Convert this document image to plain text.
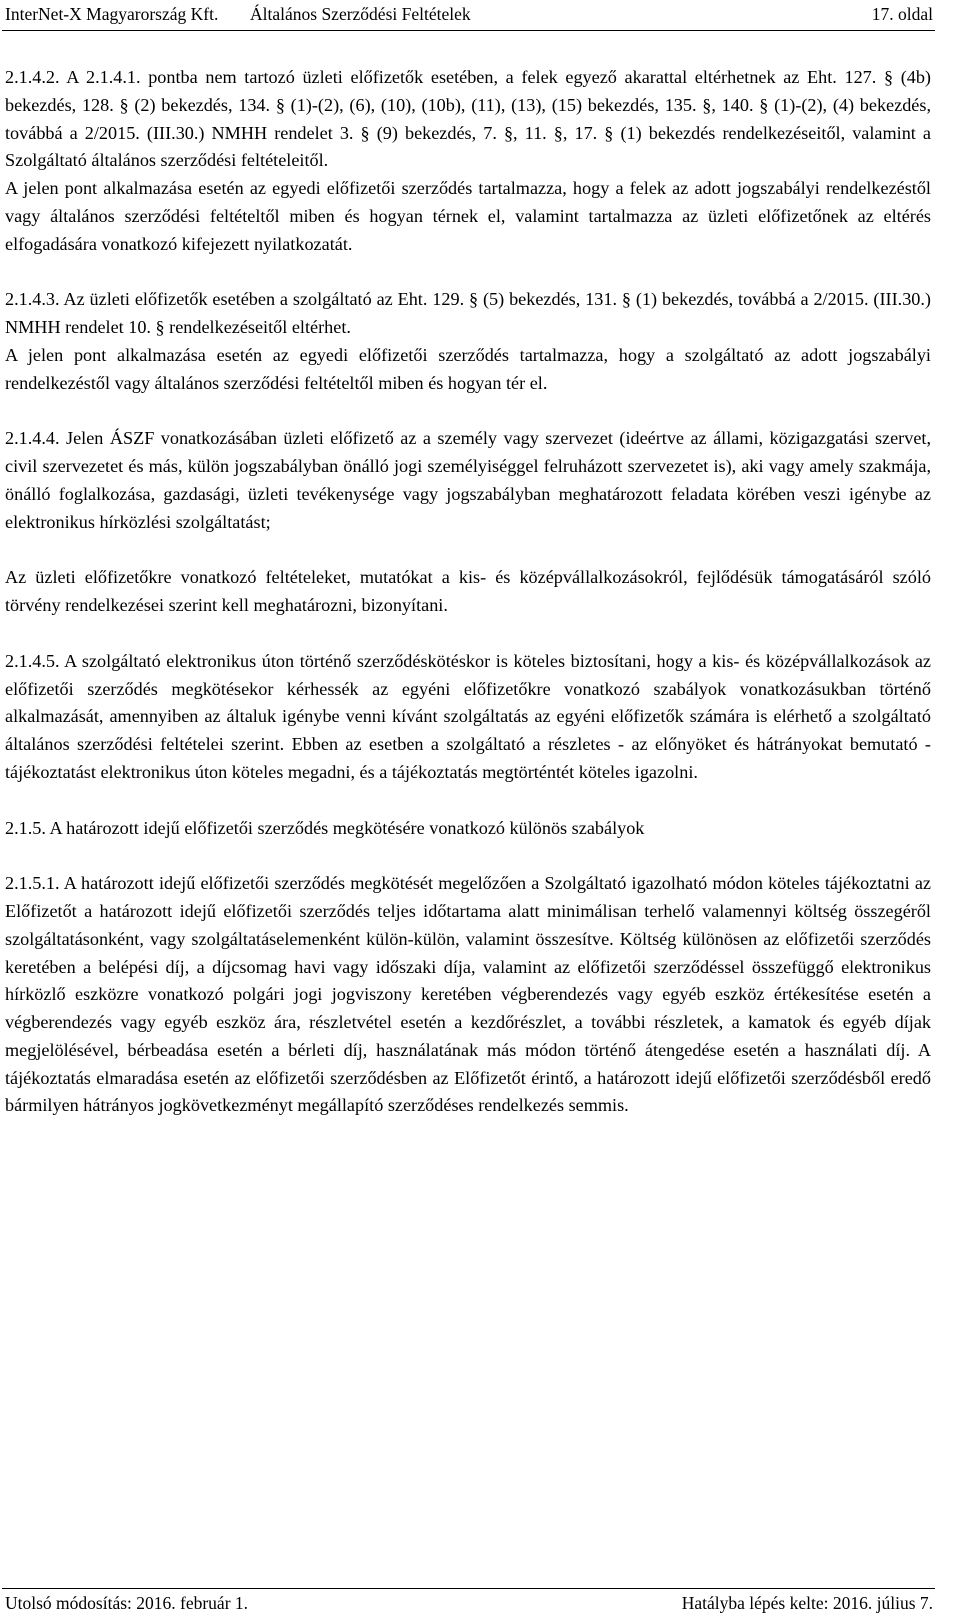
InterNet-X Magyarország Kft. Általános Szerződési Feltételek	17. oldal

2.1.4.2. A 2.1.4.1. pontba nem tartozó üzleti előfizetők esetében, a felek egyező akarattal eltérhetnek az Eht. 127. § (4b) bekezdés, 128. § (2) bekezdés, 134. § (1)-(2), (6), (10), (10b), (11), (13), (15) bekezdés, 135. §, 140. § (1)-(2), (4) bekezdés, továbbá a 2/2015. (III.30.) NMHH rendelet 3. § (9) bekezdés, 7. §, 11. §, 17. § (1) bekezdés rendelkezéseitől, valamint a Szolgáltató általános szerződési feltételeitől.

A jelen pont alkalmazása esetén az egyedi előfizetői szerződés tartalmazza, hogy a felek az adott jogszabályi rendelkezéstől vagy általános szerződési feltételtől miben és hogyan térnek el, valamint tartalmazza az üzleti előfizetőnek az eltérés elfogadására vonatkozó kifejezett nyilatkozatát.

2.1.4.3. Az üzleti előfizetők esetében a szolgáltató az Eht. 129. § (5) bekezdés, 131. § (1) bekezdés, továbbá a 2/2015. (III.30.) NMHH rendelet 10. § rendelkezéseitől eltérhet.

A jelen pont alkalmazása esetén az egyedi előfizetői szerződés tartalmazza, hogy a szolgáltató az adott jogszabályi rendelkezéstől vagy általános szerződési feltételtől miben és hogyan tér el.

2.1.4.4. Jelen ÁSZF vonatkozásában üzleti előfizető az a személy vagy szervezet (ideértve az állami, közigazgatási szervet, civil szervezetet és más, külön jogszabályban önálló jogi személyiséggel felruházott szervezetet is), aki vagy amely szakmája, önálló foglalkozása, gazdasági, üzleti tevékenysége vagy jogszabályban meghatározott feladata körében veszi igénybe az elektronikus hírközlési szolgáltatást;

Az üzleti előfizetőkre vonatkozó feltételeket, mutatókat a kis- és középvállalkozásokról, fejlődésük támogatásáról szóló törvény rendelkezései szerint kell meghatározni, bizonyítani.

2.1.4.5. A szolgáltató elektronikus úton történő szerződéskötéskor is köteles biztosítani, hogy a kis- és középvállalkozások az előfizetői szerződés megkötésekor kérhessék az egyéni előfizetőkre vonatkozó szabályok vonatkozásukban történő alkalmazását, amennyiben az általuk igénybe venni kívánt szolgáltatás az egyéni előfizetők számára is elérhető a szolgáltató általános szerződési feltételei szerint. Ebben az esetben a szolgáltató a részletes - az előnyöket és hátrányokat bemutató - tájékoztatást elektronikus úton köteles megadni, és a tájékoztatás megtörténtét köteles igazolni.

2.1.5. A határozott idejű előfizetői szerződés megkötésére vonatkozó különös szabályok

2.1.5.1. A határozott idejű előfizetői szerződés megkötését megelőzően a Szolgáltató igazolható módon köteles tájékoztatni az Előfizetőt a határozott idejű előfizetői szerződés teljes időtartama alatt minimálisan terhelő valamennyi költség összegéről szolgáltatásonként, vagy szolgáltatáselemenként külön-külön, valamint összesítve. Költség különösen az előfizetői szerződés keretében a belépési díj, a díjcsomag havi vagy időszaki díja, valamint az előfizetői szerződéssel összefüggő elektronikus hírközlő eszközre vonatkozó polgári jogi jogviszony keretében végberendezés vagy egyéb eszköz értékesítése esetén a végberendezés vagy egyéb eszköz ára, részletvétel esetén a kezdőrészlet, a további részletek, a kamatok és egyéb díjak megjelölésével, bérbeadása esetén a bérleti díj, használatának más módon történő átengedése esetén a használati díj. A tájékoztatás elmaradása esetén az előfizetői szerződésben az Előfizetőt érintő, a határozott idejű előfizetői szerződésből eredő bármilyen hátrányos jogkövetkezményt megállapító szerződéses rendelkezés semmis.

Utolsó módosítás: 2016. február 1.	Hatályba lépés kelte: 2016. július 7.
